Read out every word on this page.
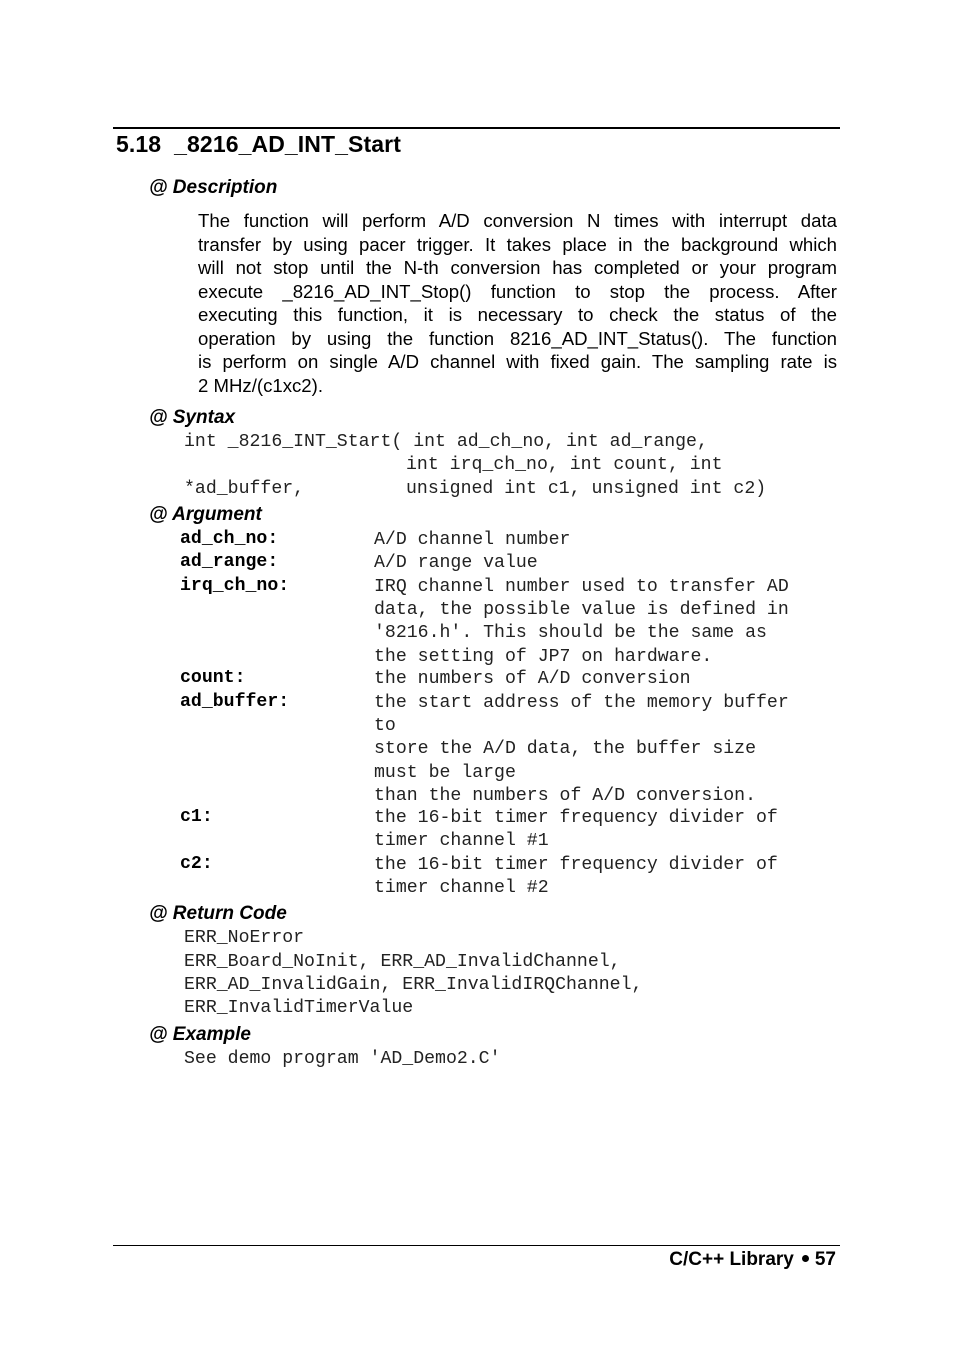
5.18  _8216_AD_INT_Start
@ Description
The function will perform A/D conversion N times with interrupt data
transfer by using pacer trigger. It takes place in the background which
will not stop until the N-th conversion has completed or your program
execute _8216_AD_INT_Stop() function to stop the process. After
executing this function, it is necessary to check the status of the
operation by using the function 8216_AD_INT_Status(). The function
is perform on single A/D channel with fixed gain. The sampling rate is
2 MHz/(c1xc2).
@ Syntax
int _8216_INT_Start( int ad_ch_no, int ad_range,
int irq_ch_no, int count, int
*ad_buffer,	unsigned int c1, unsigned int c2)
@ Argument
ad_ch_no:	A/D channel number
ad_range:	A/D range value
irq_ch_no:	IRQ channel number used to transfer AD
data, the possible value is defined in
'8216.h'. This should be the same as
the setting of JP7 on hardware.
count:	the numbers of A/D conversion
ad_buffer:	the start address of the memory buffer
to
store the A/D data, the buffer size
must be large
than the numbers of A/D conversion.
c1:	the 16-bit timer frequency divider of
timer channel #1
c2:	the 16-bit timer frequency divider of
timer channel #2
@ Return Code
ERR_NoError
ERR_Board_NoInit, ERR_AD_InvalidChannel,
ERR_AD_InvalidGain, ERR_InvalidIRQChannel,
ERR_InvalidTimerValue
@ Example
See demo program 'AD_Demo2.C'
C/C++ Library 57
